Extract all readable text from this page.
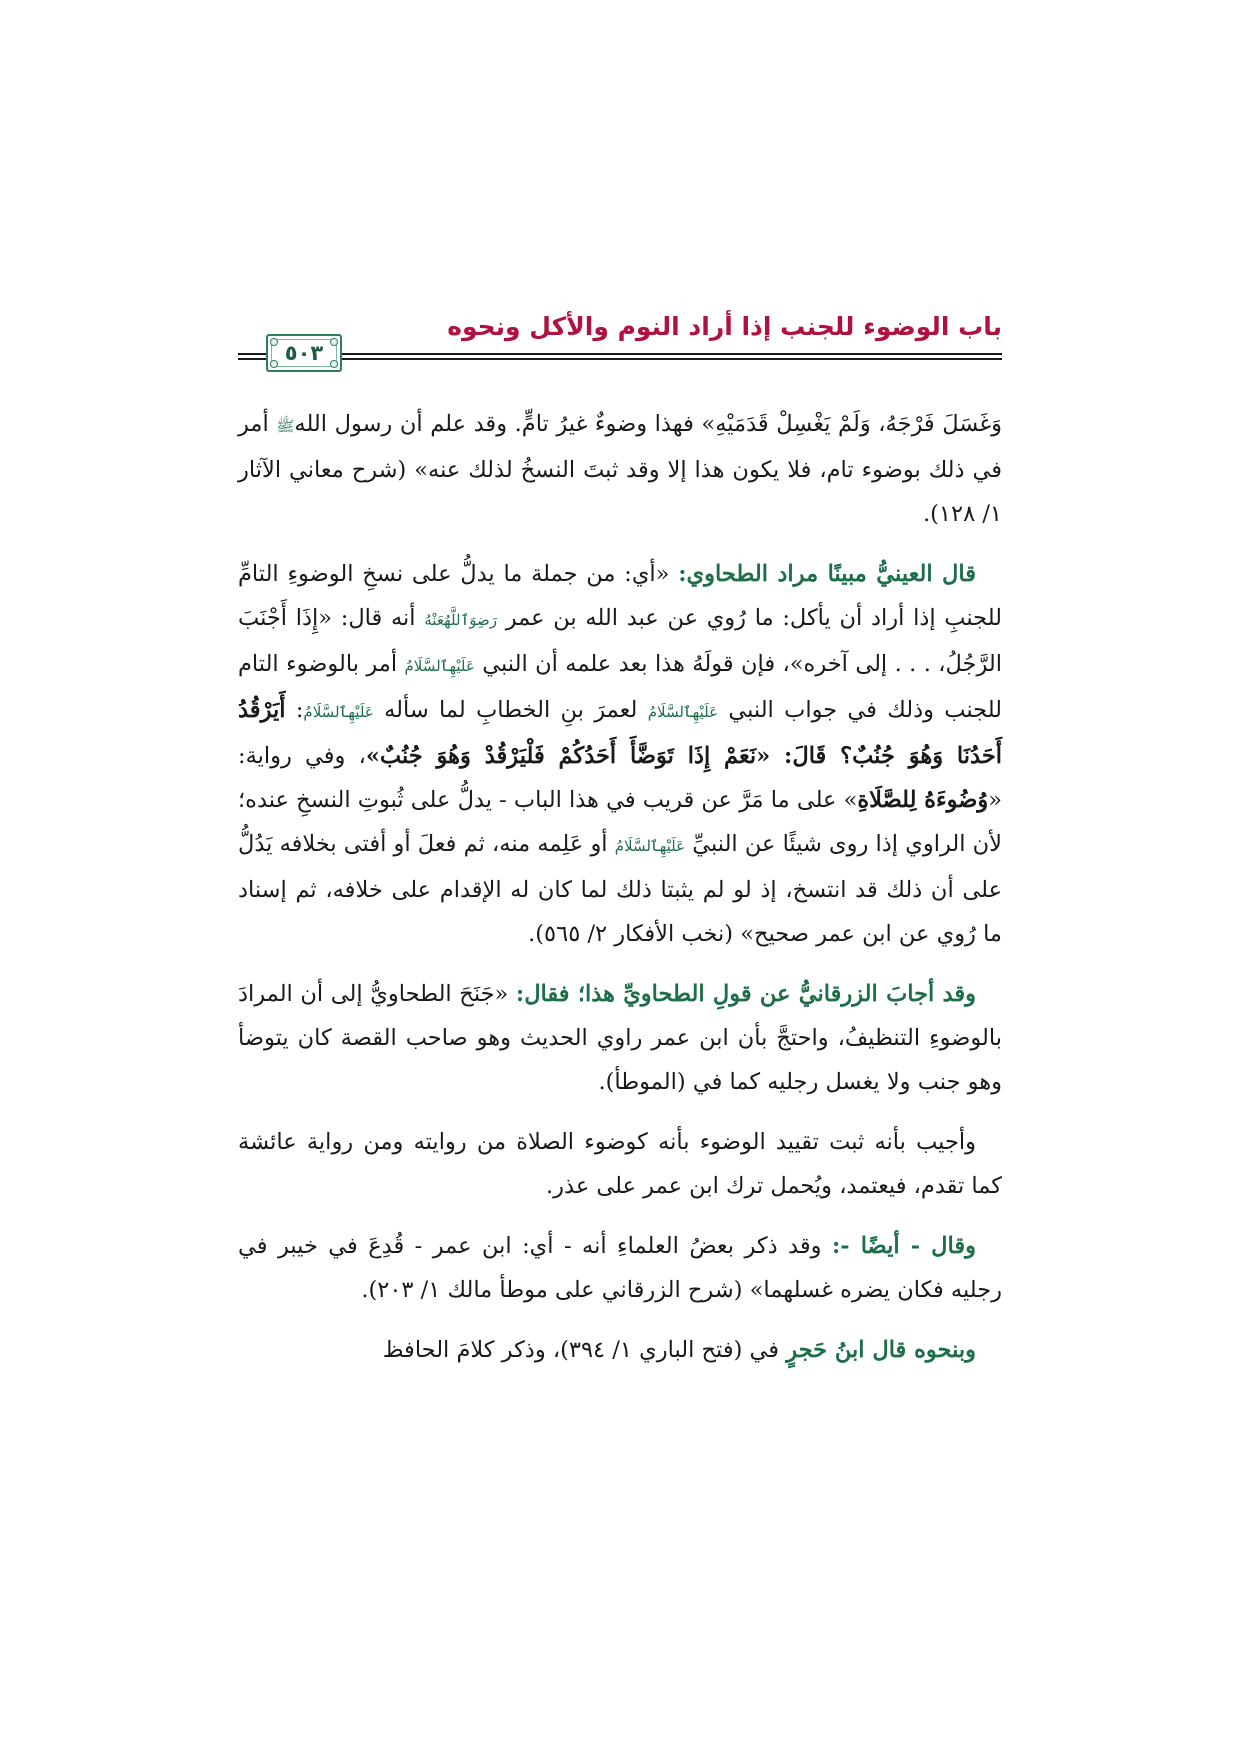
باب الوضوء للجنب إذا أراد النوم والأكل ونحوه
٥٠٣

وَغَسَلَ فَرْجَهُ، وَلَمْ يَغْسِلْ قَدَمَيْهِ» فهذا وضوءٌ غيرُ تامٍّ. وقد علم أن رسول اللهﷺ أمر في ذلك بوضوء تام، فلا يكون هذا إلا وقد ثبتَ النسخُ لذلك عنه» (شرح معاني الآثار ١/ ١٢٨).

قال العينيُّ مبينًا مراد الطحاوي: «أي: من جملة ما يدلُّ على نسخِ الوضوءِ التامِّ للجنبِ إذا أراد أن يأكل: ما رُوي عن عبد الله بن عمر رَضِوَٱللَّهُعَنْهُ أنه قال: «إِذَا أَجْنَبَ الرَّجُلُ، . . . إلى آخره»، فإن قولَهُ هذا بعد علمه أن النبي عَلَيْهِٱلسَّلَامُ أمر بالوضوء التام للجنب وذلك في جواب النبي عَلَيْهِٱلسَّلَامُ لعمرَ بنِ الخطابِ لما سأله عَلَيْهِٱلسَّلَامُ: أَيَرْقُدُ أَحَدُنَا وَهُوَ جُنُبٌ؟ قَالَ: «نَعَمْ إِذَا تَوَضَّأَ أَحَدُكُمْ فَلْيَرْقُدْ وَهُوَ جُنُبٌ»، وفي رواية: «وُضُوءَهُ لِلصَّلَاةِ» على ما مَرَّ عن قريب في هذا الباب - يدلُّ على ثُبوتِ النسخِ عنده؛ لأن الراوي إذا روى شيئًا عن النبيِّ عَلَيْهِٱلسَّلَامُ أو عَلِمه منه، ثم فعلَ أو أفتى بخلافه يَدُلُّ على أن ذلك قد انتسخ، إذ لو لم يثبتا ذلك لما كان له الإقدام على خلافه، ثم إسناد ما رُوي عن ابن عمر صحيح» (نخب الأفكار ٢/ ٥٦٥).

وقد أجابَ الزرقانيُّ عن قولِ الطحاويِّ هذا؛ فقال: «جَنَحَ الطحاويُّ إلى أن المرادَ بالوضوءِ التنظيفُ، واحتجَّ بأن ابن عمر راوي الحديث وهو صاحب القصة كان يتوضأ وهو جنب ولا يغسل رجليه كما في (الموطأ).

وأجيب بأنه ثبت تقييد الوضوء بأنه كوضوء الصلاة من روايته ومن رواية عائشة كما تقدم، فيعتمد، ويُحمل ترك ابن عمر على عذر.

وقال - أيضًا -: وقد ذكر بعضُ العلماءِ أنه - أي: ابن عمر - قُدِعَ في خيبر في رجليه فكان يضره غسلهما» (شرح الزرقاني على موطأ مالك ١/ ٢٠٣).

وبنحوه قال ابنُ حَجرٍ في (فتح الباري ١/ ٣٩٤)، وذكر كلامَ الحافظ
